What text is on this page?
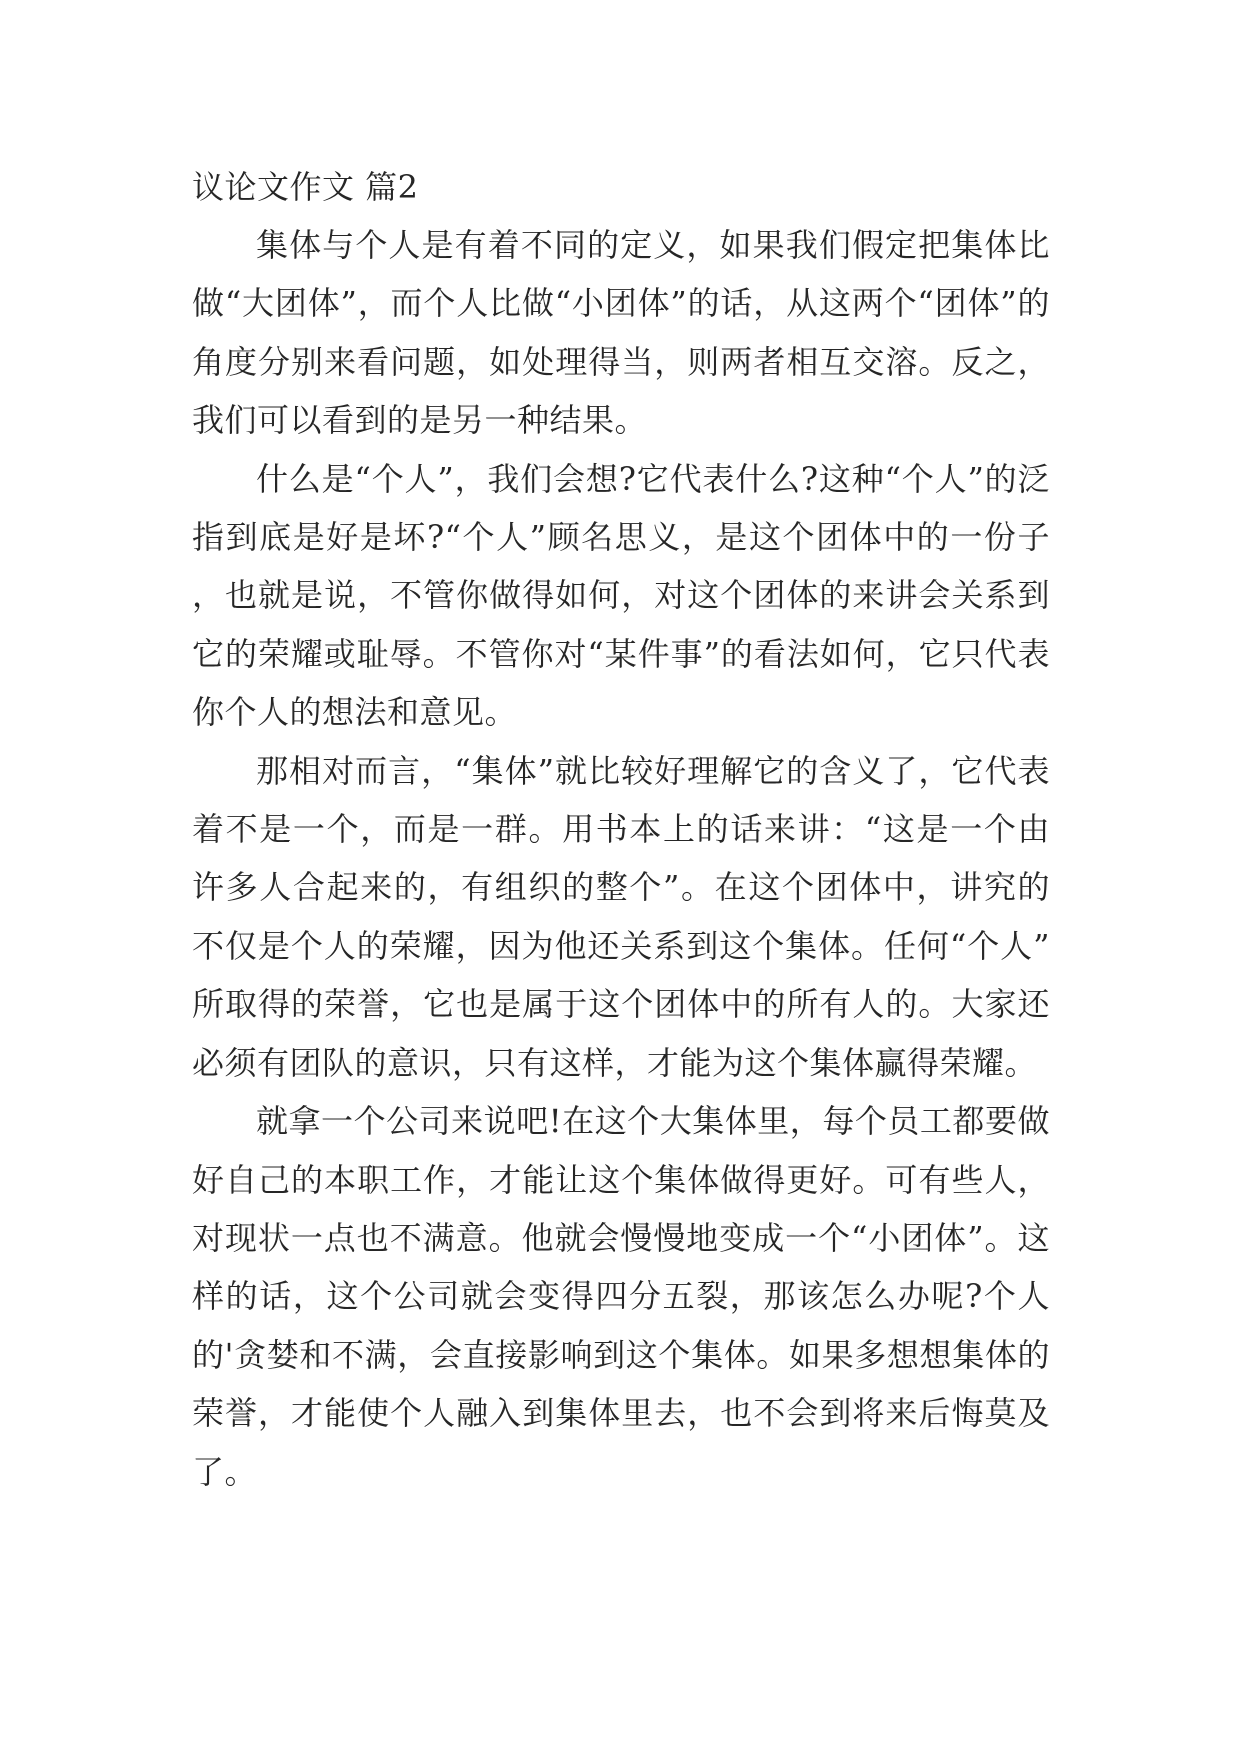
议论文作文 篇2

集体与个人是有着不同的定义，如果我们假定把集体比做“大团体”，而个人比做“小团体”的话，从这两个“团体”的角度分别来看问题，如处理得当，则两者相互交溶。反之，我们可以看到的是另一种结果。

什么是“个人”，我们会想?它代表什么?这种“个人”的泛指到底是好是坏?“个人”顾名思义，是这个团体中的一份子，也就是说，不管你做得如何，对这个团体的来讲会关系到它的荣耀或耻辱。不管你对“某件事”的看法如何，它只代表你个人的想法和意见。

那相对而言，“集体”就比较好理解它的含义了，它代表着不是一个，而是一群。用书本上的话来讲：“这是一个由许多人合起来的，有组织的整个”。在这个团体中，讲究的不仅是个人的荣耀，因为他还关系到这个集体。任何“个人”所取得的荣誉，它也是属于这个团体中的所有人的。大家还必须有团队的意识，只有这样，才能为这个集体赢得荣耀。

就拿一个公司来说吧!在这个大集体里，每个员工都要做好自己的本职工作，才能让这个集体做得更好。可有些人，对现状一点也不满意。他就会慢慢地变成一个“小团体”。这样的话，这个公司就会变得四分五裂，那该怎么办呢?个人的'贪婪和不满，会直接影响到这个集体。如果多想想集体的荣誉，才能使个人融入到集体里去，也不会到将来后悔莫及了。
